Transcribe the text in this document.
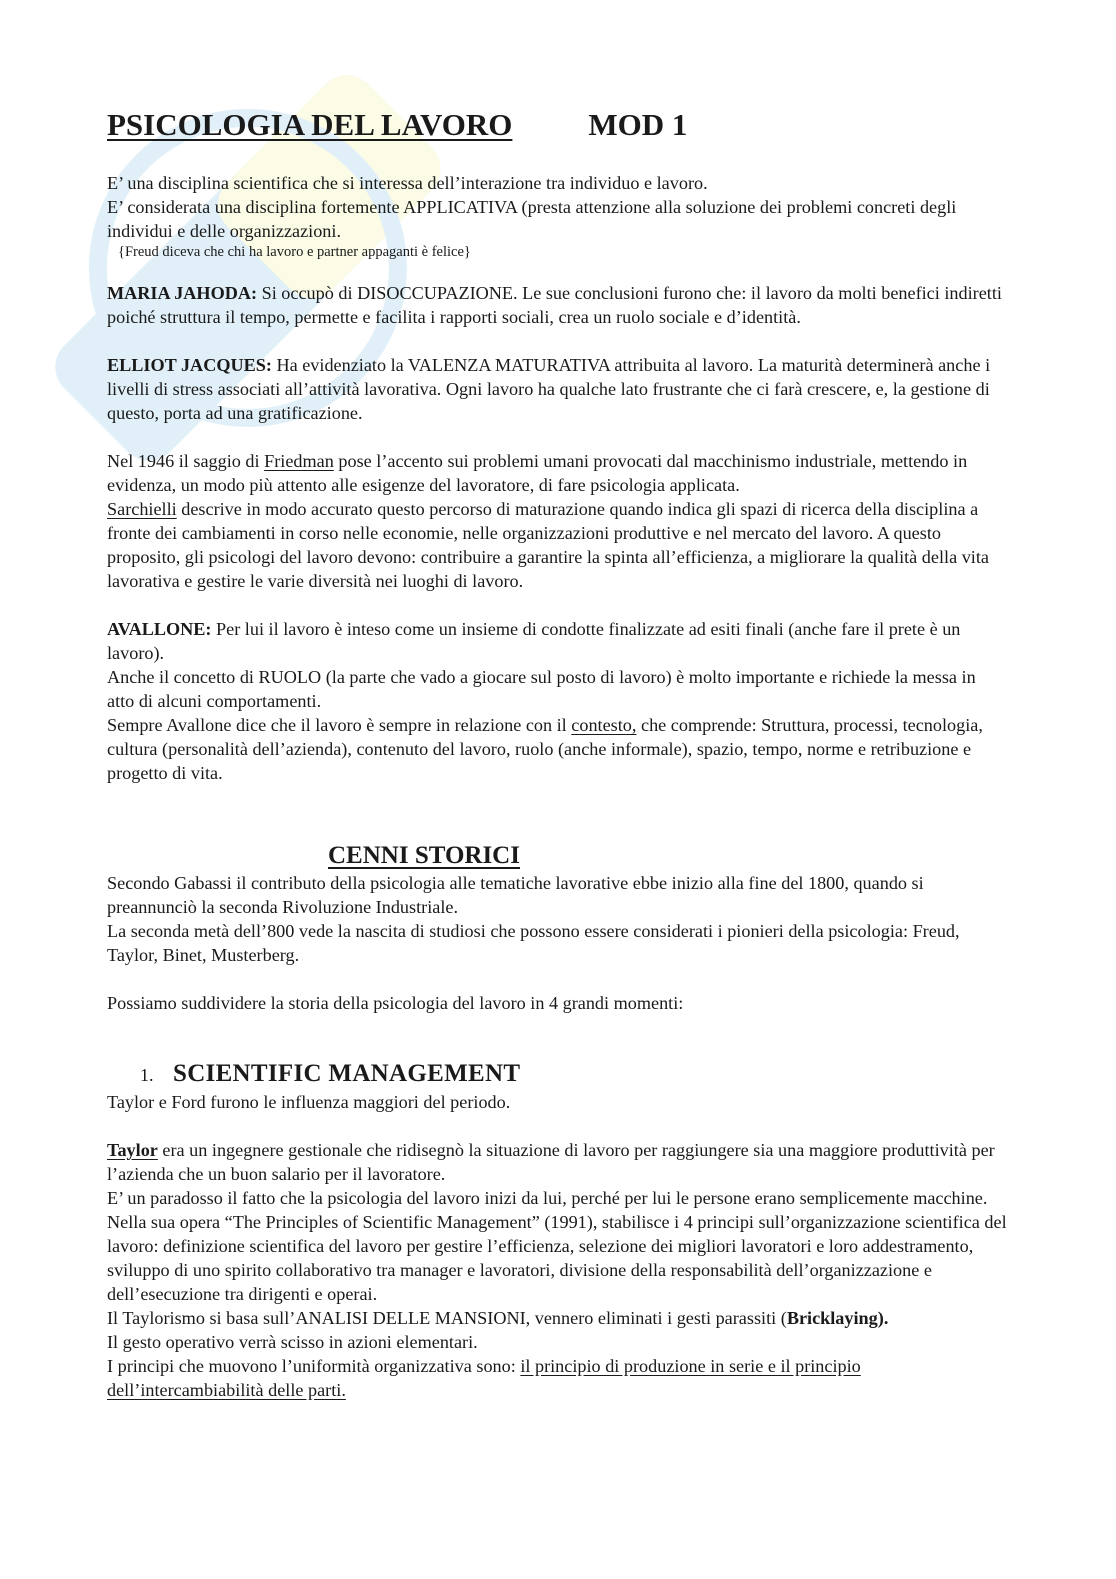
PSICOLOGIA DEL LAVORO MOD 1

E’ una disciplina scientifica che si interessa dell’interazione tra individuo e lavoro.

E’ considerata una disciplina fortemente APPLICATIVA (presta attenzione alla soluzione dei problemi concreti degli individui e delle organizzazioni.

{Freud diceva che chi ha lavoro e partner appaganti è felice}

MARIA JAHODA: Si occupò di DISOCCUPAZIONE. Le sue conclusioni furono che: il lavoro da molti benefici indiretti poiché struttura il tempo, permette e facilita i rapporti sociali, crea un ruolo sociale e d’identità.

ELLIOT JACQUES: Ha evidenziato la VALENZA MATURATIVA attribuita al lavoro. La maturità determinerà anche i livelli di stress associati all’attività lavorativa. Ogni lavoro ha qualche lato frustrante che ci farà crescere, e, la gestione di questo, porta ad una gratificazione.

Nel 1946 il saggio di Friedman pose l’accento sui problemi umani provocati dal macchinismo industriale, mettendo in evidenza, un modo più attento alle esigenze del lavoratore, di fare psicologia applicata.

Sarchielli descrive in modo accurato questo percorso di maturazione quando indica gli spazi di ricerca della disciplina a fronte dei cambiamenti in corso nelle economie, nelle organizzazioni produttive e nel mercato del lavoro. A questo proposito, gli psicologi del lavoro devono: contribuire a garantire la spinta all’efficienza, a migliorare la qualità della vita lavorativa e gestire le varie diversità nei luoghi di lavoro.

AVALLONE: Per lui il lavoro è inteso come un insieme di condotte finalizzate ad esiti finali (anche fare il prete è un lavoro).

Anche il concetto di RUOLO (la parte che vado a giocare sul posto di lavoro) è molto importante e richiede la messa in atto di alcuni comportamenti.

Sempre Avallone dice che il lavoro è sempre in relazione con il contesto, che comprende: Struttura, processi, tecnologia, cultura (personalità dell’azienda), contenuto del lavoro, ruolo (anche informale), spazio, tempo, norme e retribuzione e progetto di vita.

CENNI STORICI

Secondo Gabassi il contributo della psicologia alle tematiche lavorative ebbe inizio alla fine del 1800, quando si preannunciò la seconda Rivoluzione Industriale.

La seconda metà dell’800 vede la nascita di studiosi che possono essere considerati i pionieri della psicologia: Freud, Taylor, Binet, Musterberg.

Possiamo suddividere la storia della psicologia del lavoro in 4 grandi momenti:

1. SCIENTIFIC MANAGEMENT

Taylor e Ford furono le influenza maggiori del periodo.

Taylor era un ingegnere gestionale che ridisegnò la situazione di lavoro per raggiungere sia una maggiore produttività per l’azienda che un buon salario per il lavoratore.

E’ un paradosso il fatto che la psicologia del lavoro inizi da lui, perché per lui le persone erano semplicemente macchine.

Nella sua opera “The Principles of Scientific Management” (1991), stabilisce i 4 principi sull’organizzazione scientifica del lavoro: definizione scientifica del lavoro per gestire l’efficienza, selezione dei migliori lavoratori e loro addestramento, sviluppo di uno spirito collaborativo tra manager e lavoratori, divisione della responsabilità dell’organizzazione e dell’esecuzione tra dirigenti e operai.

Il Taylorismo si basa sull’ANALISI DELLE MANSIONI, vennero eliminati i gesti parassiti (Bricklaying).

Il gesto operativo verrà scisso in azioni elementari.

I principi che muovono l’uniformità organizzativa sono: il principio di produzione in serie e il principio dell’intercambiabilità delle parti.
